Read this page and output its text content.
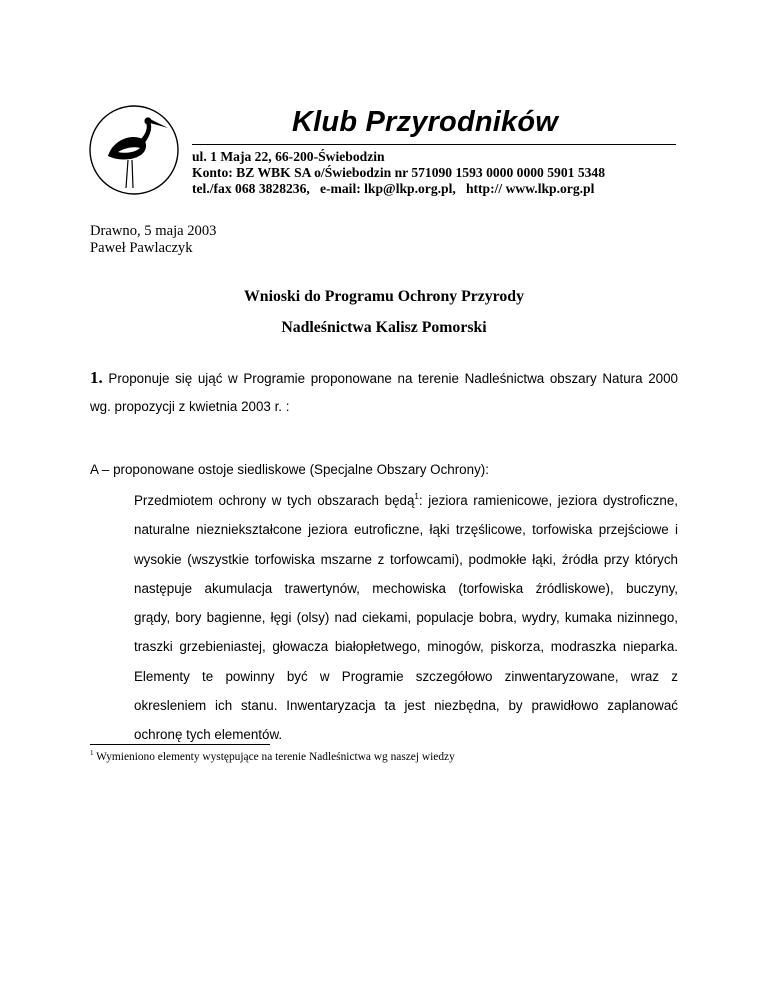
Klub Przyrodników
ul. 1 Maja 22, 66-200-Świebodzin
Konto: BZ WBK SA o/Świebodzin nr 571090 1593 0000 0000 5901 5348
tel./fax 068 3828236,   e-mail: lkp@lkp.org.pl,   http:// www.lkp.org.pl
Drawno, 5 maja 2003
Paweł Pawlaczyk
Wnioski do Programu Ochrony Przyrody
Nadleśnictwa Kalisz Pomorski
1. Proponuje się ująć w Programie proponowane na terenie Nadleśnictwa obszary Natura 2000
wg. propozycji z kwietnia 2003 r. :
A – proponowane ostoje siedliskowe (Specjalne Obszary Ochrony):
Przedmiotem ochrony w tych obszarach będą$^1$: jeziora ramienicowe, jeziora dystroficzne,
naturalne niezniekształcone jeziora eutroficzne, łąki trzęślicowe, torfowiska przejściowe i
wysokie (wszystkie torfowiska mszarne z torfowcami), podmokłe łąki, źródła przy których
następuje akumulacja trawertynów, mechowiska (torfowiska źródliskowe), buczyny,
grądy, bory bagienne, łęgi (olsy) nad ciekami, populacje bobra, wydry, kumaka nizinnego,
traszki grzebieniastej, głowacza białopłetwego, minogów, piskorza, modraszka nieparka.
Elementy te powinny być w Programie szczegółowo zinwentaryzowane, wraz z
okresleniem ich stanu. Inwentaryzacja ta jest niezbędna, by prawidłowo zaplanować
ochronę tych elementów.
$^1$ Wymieniono elementy występujące na terenie Nadleśnictwa wg naszej wiedzy
